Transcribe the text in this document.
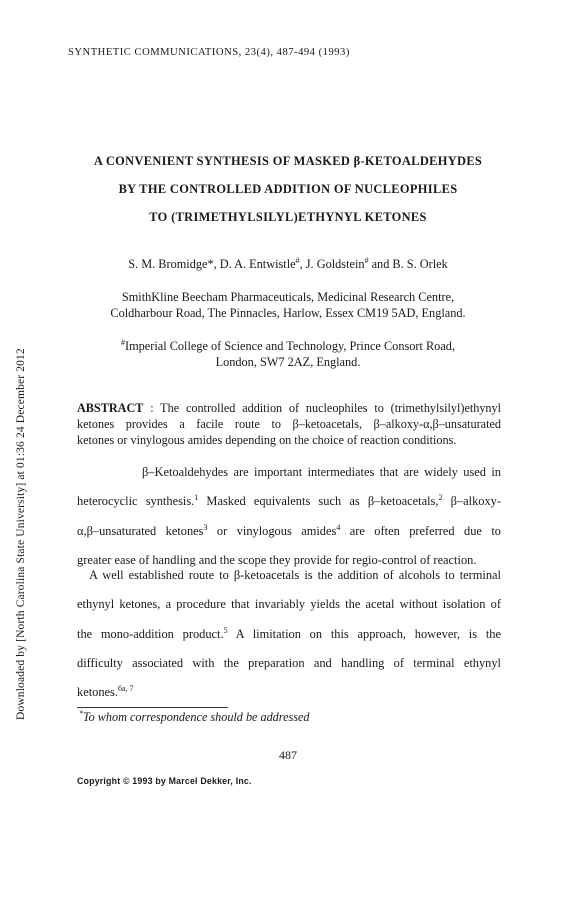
Downloaded by [North Carolina State University] at 01:36 24 December 2012
SYNTHETIC COMMUNICATIONS, 23(4), 487-494 (1993)
A CONVENIENT SYNTHESIS OF MASKED β-KETOALDEHYDES
BY THE CONTROLLED ADDITION OF NUCLEOPHILES
TO (TRIMETHYLSILYL)ETHYNYL KETONES
S. M. Bromidge*, D. A. Entwistle#, J. Goldstein# and B. S. Orlek
SmithKline Beecham Pharmaceuticals, Medicinal Research Centre,
Coldharbour Road, The Pinnacles, Harlow, Essex CM19 5AD, England.
#Imperial College of Science and Technology, Prince Consort Road,
London, SW7 2AZ, England.
ABSTRACT : The controlled addition of nucleophiles to (trimethylsilyl)ethynyl
ketones provides a facile route to β–ketoacetals, β–alkoxy-α,β–unsaturated
ketones or vinylogous amides depending on the choice of reaction conditions.
β–Ketoaldehydes are important intermediates that are widely used in
heterocyclic synthesis.$^1$ Masked equivalents such as β–ketoacetals,$^2$ β–alkoxy-
α,β–unsaturated ketones$^3$ or vinylogous amides$^4$ are often preferred due to
greater ease of handling and the scope they provide for regio-control of reaction.
A well established route to β-ketoacetals is the addition of alcohols to terminal
ethynyl ketones, a procedure that invariably yields the acetal without isolation of
the mono-addition product.$^5$ A limitation on this approach, however, is the
difficulty associated with the preparation and handling of terminal ethynyl
ketones.$^{6a, 7}$
*To whom correspondence should be addressed
487
Copyright © 1993 by Marcel Dekker, Inc.
